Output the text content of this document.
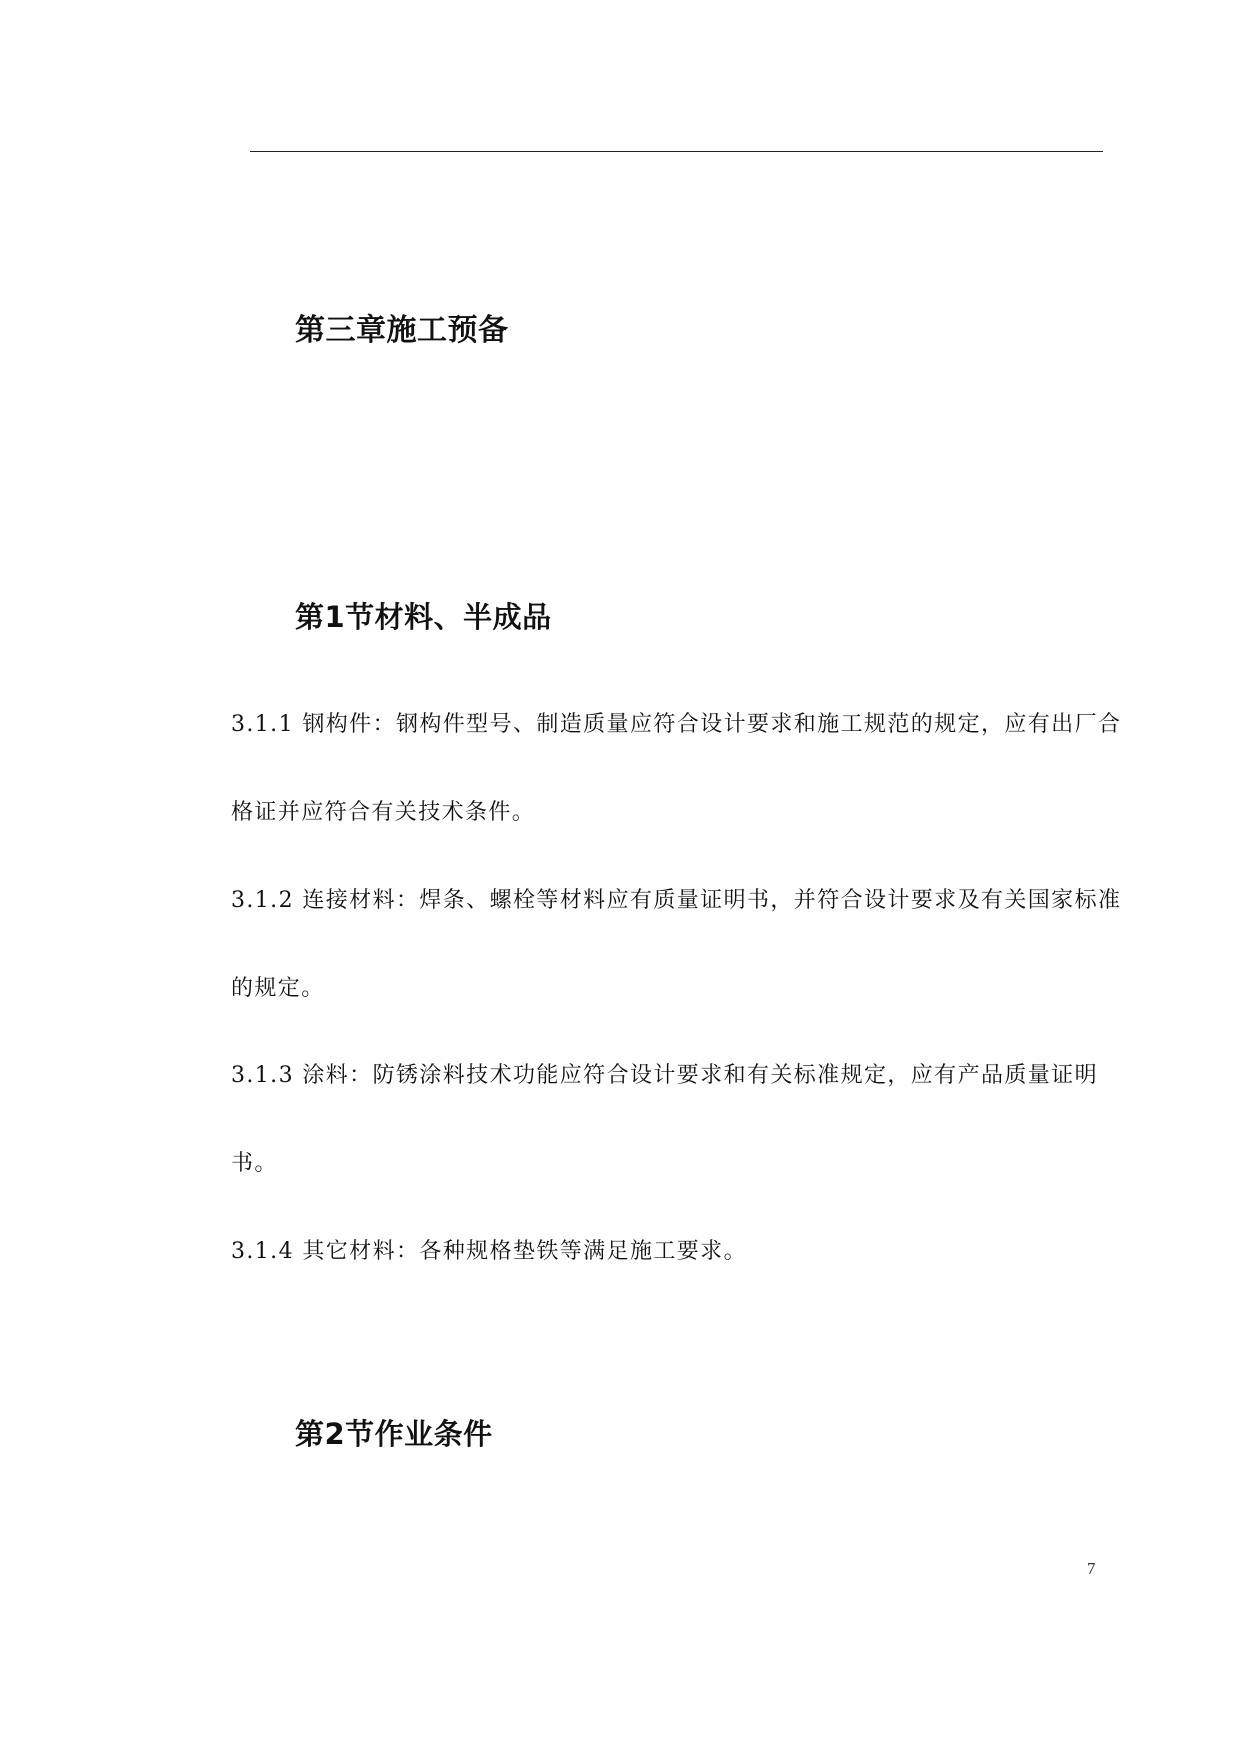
第三章施工预备
第1节材料、半成品

3.1.1 钢构件：钢构件型号、制造质量应符合设计要求和施工规范的规定，应有出厂合格证并应符合有关技术条件。

3.1.2 连接材料：焊条、螺栓等材料应有质量证明书，并符合设计要求及有关国家标准的规定。

3.1.3 涂料：防锈涂料技术功能应符合设计要求和有关标准规定，应有产品质量证明书。

3.1.4 其它材料：各种规格垫铁等满足施工要求。

第2节作业条件
7
